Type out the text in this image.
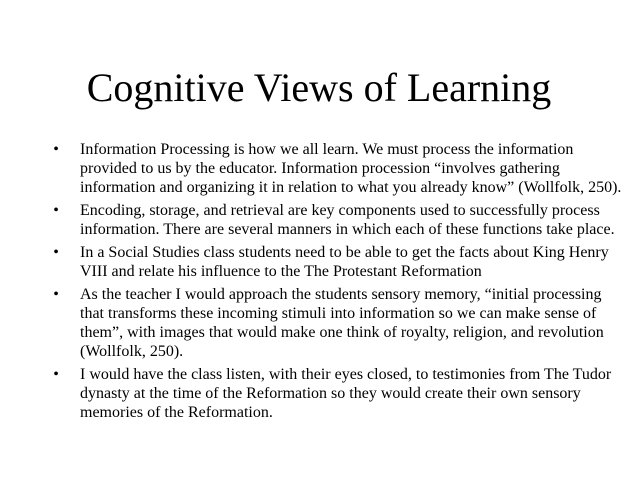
Cognitive Views of Learning
•	Information Processing is how we all learn. We must process the information provided to us by the educator. Information procession “involves gathering information and organizing it in relation to what you already know” (Wollfolk, 250).
•	Encoding, storage, and retrieval are key components used to successfully process information. There are several manners in which each of these functions take place.
•	In a Social Studies class students need to be able to get the facts about King Henry VIII and relate his influence to the The Protestant Reformation
•	As the teacher I would approach the students sensory memory, “initial processing that transforms these incoming stimuli into information so we can make sense of them”, with images that would make one think of royalty, religion, and revolution (Wollfolk, 250).
•	I would have the class listen, with their eyes closed, to testimonies from The Tudor dynasty at the time of the Reformation so they would create their own sensory memories of the Reformation.
